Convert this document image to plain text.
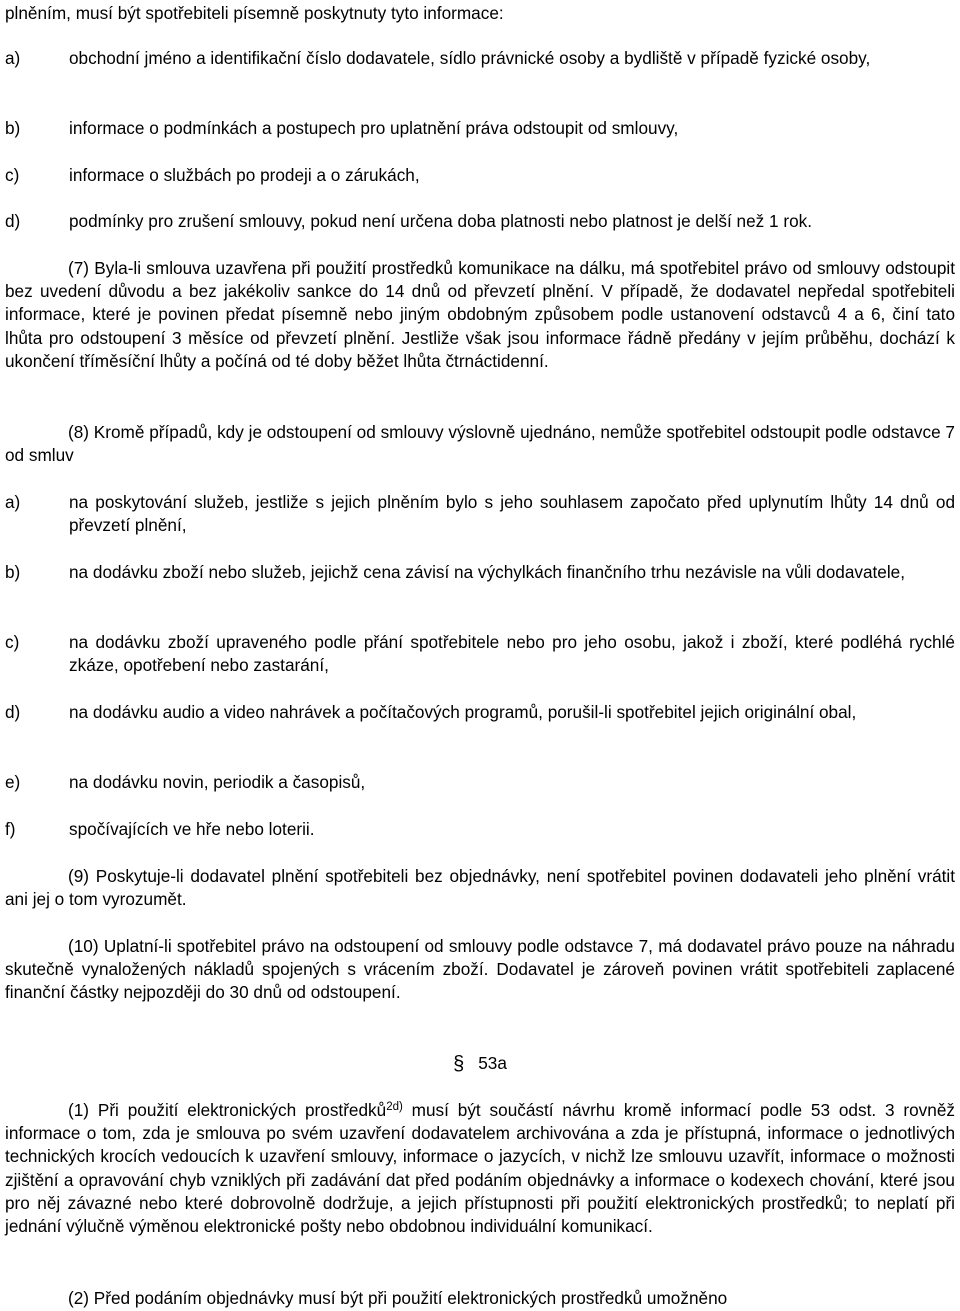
plněním, musí být spotřebiteli písemně poskytnuty tyto informace:
a)	obchodní jméno a identifikační číslo dodavatele, sídlo právnické osoby a bydliště v případě fyzické osoby,
b)	informace o podmínkách a postupech pro uplatnění práva odstoupit od smlouvy,
c)	informace o službách po prodeji a o zárukách,
d)	podmínky pro zrušení smlouvy, pokud není určena doba platnosti nebo platnost je delší než 1 rok.
(7) Byla-li smlouva uzavřena při použití prostředků komunikace na dálku, má spotřebitel právo od smlouvy odstoupit bez uvedení důvodu a bez jakékoliv sankce do 14 dnů od převzetí plnění. V případě, že dodavatel nepředal spotřebiteli informace, které je povinen předat písemně nebo jiným obdobným způsobem podle ustanovení odstavců 4 a 6, činí tato lhůta pro odstoupení 3 měsíce od převzetí plnění. Jestliže však jsou informace řádně předány v jejím průběhu, dochází k ukončení tříměsíční lhůty a počíná od té doby běžet lhůta čtrnáctidenní.
(8) Kromě případů, kdy je odstoupení od smlouvy výslovně ujednáno, nemůže spotřebitel odstoupit podle odstavce 7 od smluv
a)	na poskytování služeb, jestliže s jejich plněním bylo s jeho souhlasem započato před uplynutím lhůty 14 dnů od převzetí plnění,
b)	na dodávku zboží nebo služeb, jejichž cena závisí na výchylkách finančního trhu nezávisle na vůli dodavatele,
c)	na dodávku zboží upraveného podle přání spotřebitele nebo pro jeho osobu, jakož i zboží, které podléhá rychlé zkáze, opotřebení nebo zastarání,
d)	na dodávku audio a video nahrávek a počítačových programů, porušil-li spotřebitel jejich originální obal,
e)	na dodávku novin, periodik a časopisů,
f)	spočívajících ve hře nebo loterii.
(9) Poskytuje-li dodavatel plnění spotřebiteli bez objednávky, není spotřebitel povinen dodavateli jeho plnění vrátit ani jej o tom vyrozumět.
(10) Uplatní-li spotřebitel právo na odstoupení od smlouvy podle odstavce 7, má dodavatel právo pouze na náhradu skutečně vynaložených nákladů spojených s vrácením zboží. Dodavatel je zároveň povinen vrátit spotřebiteli zaplacené finanční částky nejpozději do 30 dnů od odstoupení.
§ 53a
(1) Při použití elektronických prostředků$^{2d)}$ musí být součástí návrhu kromě informací podle 53 odst. 3 rovněž informace o tom, zda je smlouva po svém uzavření dodavatelem archivována a zda je přístupná, informace o jednotlivých technických krocích vedoucích k uzavření smlouvy, informace o jazycích, v nichž lze smlouvu uzavřít, informace o možnosti zjištění a opravování chyb vzniklých při zadávání dat před podáním objednávky a informace o kodexech chování, které jsou pro něj závazné nebo které dobrovolně dodržuje, a jejich přístupnosti při použití elektronických prostředků; to neplatí při jednání výlučně výměnou elektronické pošty nebo obdobnou individuální komunikací.
(2) Před podáním objednávky musí být při použití elektronických prostředků umožněno
